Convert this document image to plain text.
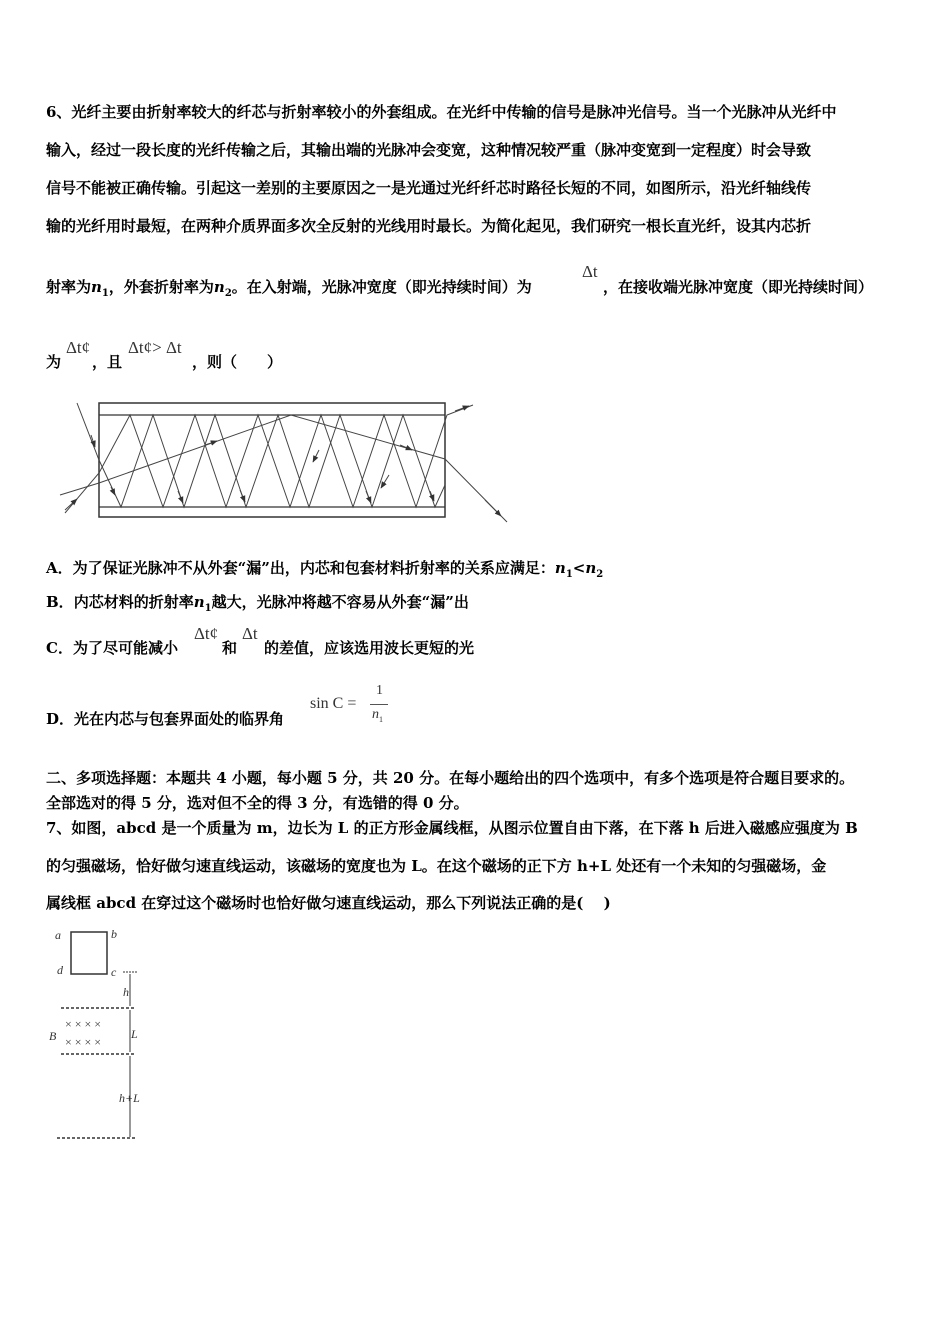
6、光纤主要由折射率较大的纤芯与折射率较小的外套组成。在光纤中传输的信号是脉冲光信号。当一个光脉冲从光纤中
输入，经过一段长度的光纤传输之后，其输出端的光脉冲会变宽，这种情况较严重（脉冲变宽到一定程度）时会导致
信号不能被正确传输。引起这一差别的主要原因之一是光通过光纤纤芯时路径长短的不同，如图所示，沿光纤轴线传
输的光纤用时最短，在两种介质界面多次全反射的光线用时最长。为简化起见，我们研究一根长直光纤，设其内芯折
射率为$n_1$，外套折射率为$n_2$。在入射端，光脉冲宽度（即光持续时间）为
Δt
，在接收端光脉冲宽度（即光持续时间）
为
Δt¢
，且
Δt¢> Δt
，则（　　）
A．为了保证光脉冲不从外套“漏”出，内芯和包套材料折射率的关系应满足：$n_1<n_2$
B．内芯材料的折射率$n_1$越大，光脉冲将越不容易从外套“漏”出
C．为了尽可能减小
Δt¢
和
Δt
的差值，应该选用波长更短的光
D．光在内芯与包套界面处的临界角
sin C =
1
$n_1$
二、多项选择题：本题共 4 小题，每小题 5 分，共 20 分。在每小题给出的四个选项中，有多个选项是符合题目要求的。
全部选对的得 5 分，选对但不全的得 3 分，有选错的得 0 分。
7、如图，abcd 是一个质量为 m，边长为 L 的正方形金属线框，从图示位置自由下落，在下落 h 后进入磁感应强度为 B
的匀强磁场，恰好做匀速直线运动，该磁场的宽度也为 L。在这个磁场的正下方 h+L 处还有一个未知的匀强磁场，金
属线框 abcd 在穿过这个磁场时也恰好做匀速直线运动，那么下列说法正确的是(　 )
a	b
d	c
h
× × × ×
× × × ×
B	L
h+L
